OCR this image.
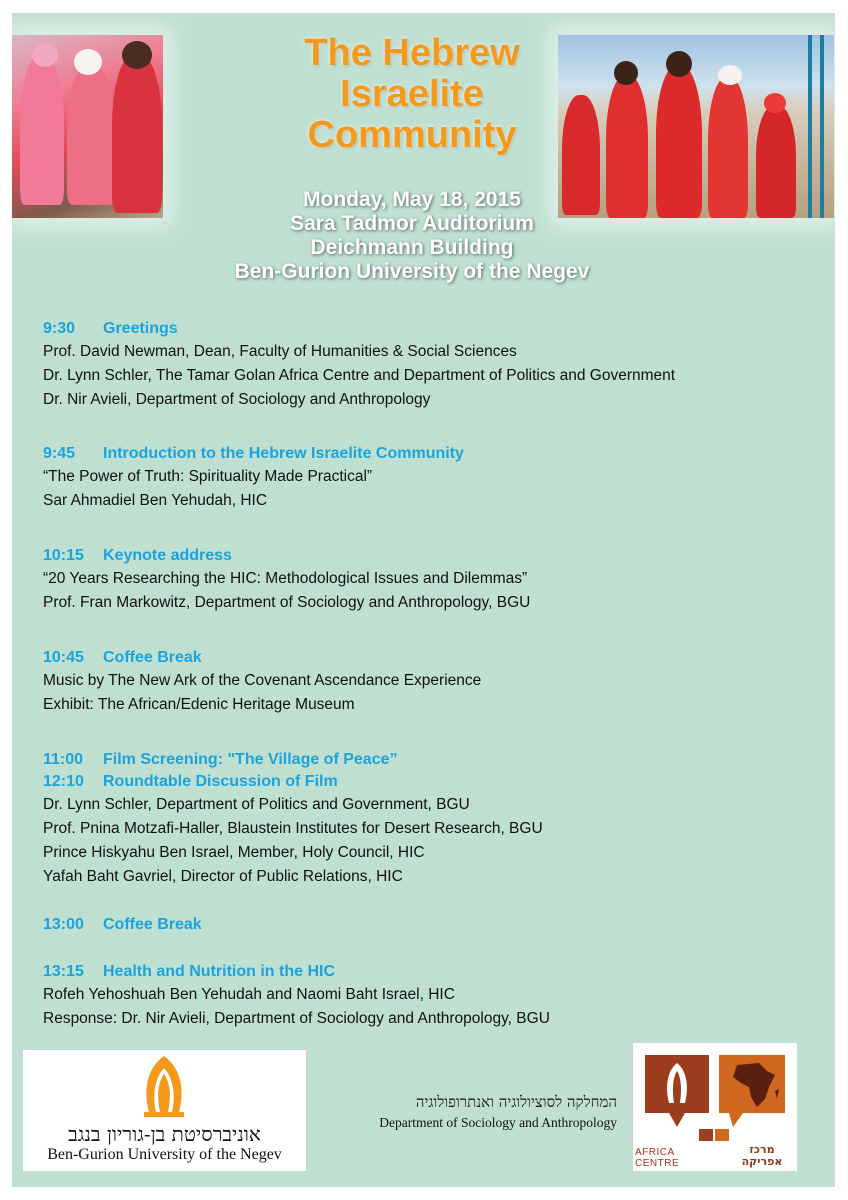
The Hebrew
Israelite
Community
Monday, May 18, 2015
Sara Tadmor Auditorium
Deichmann Building
Ben-Gurion University of the Negev
9:30 Greetings
Prof. David Newman, Dean, Faculty of Humanities & Social Sciences
Dr. Lynn Schler, The Tamar Golan Africa Centre and Department of Politics and Government
Dr. Nir Avieli, Department of Sociology and Anthropology
9:45 Introduction to the Hebrew Israelite Community
“The Power of Truth: Spirituality Made Practical”
Sar Ahmadiel Ben Yehudah, HIC
10:15 Keynote address
“20 Years Researching the HIC: Methodological Issues and Dilemmas”
Prof. Fran Markowitz, Department of Sociology and Anthropology, BGU
10:45 Coffee Break
Music by The New Ark of the Covenant Ascendance Experience
Exhibit: The African/Edenic Heritage Museum
11:00 Film Screening: "The Village of Peace”
12:10 Roundtable Discussion of Film
Dr. Lynn Schler, Department of Politics and Government, BGU
Prof. Pnina Motzafi-Haller, Blaustein Institutes for Desert Research, BGU
Prince Hiskyahu Ben Israel, Member, Holy Council, HIC
Yafah Baht Gavriel, Director of Public Relations, HIC
13:00 Coffee Break
13:15 Health and Nutrition in the HIC
Rofeh Yehoshuah Ben Yehudah and Naomi Baht Israel, HIC
Response: Dr. Nir Avieli, Department of Sociology and Anthropology, BGU
אוניברסיטת בן-גוריון בנגב
Ben-Gurion University of the Negev
המחלקה לסוציולוגיה ואנתרופולוגיה
Department of Sociology and Anthropology
AFRICA
CENTRE
מרכז
אפריקה
